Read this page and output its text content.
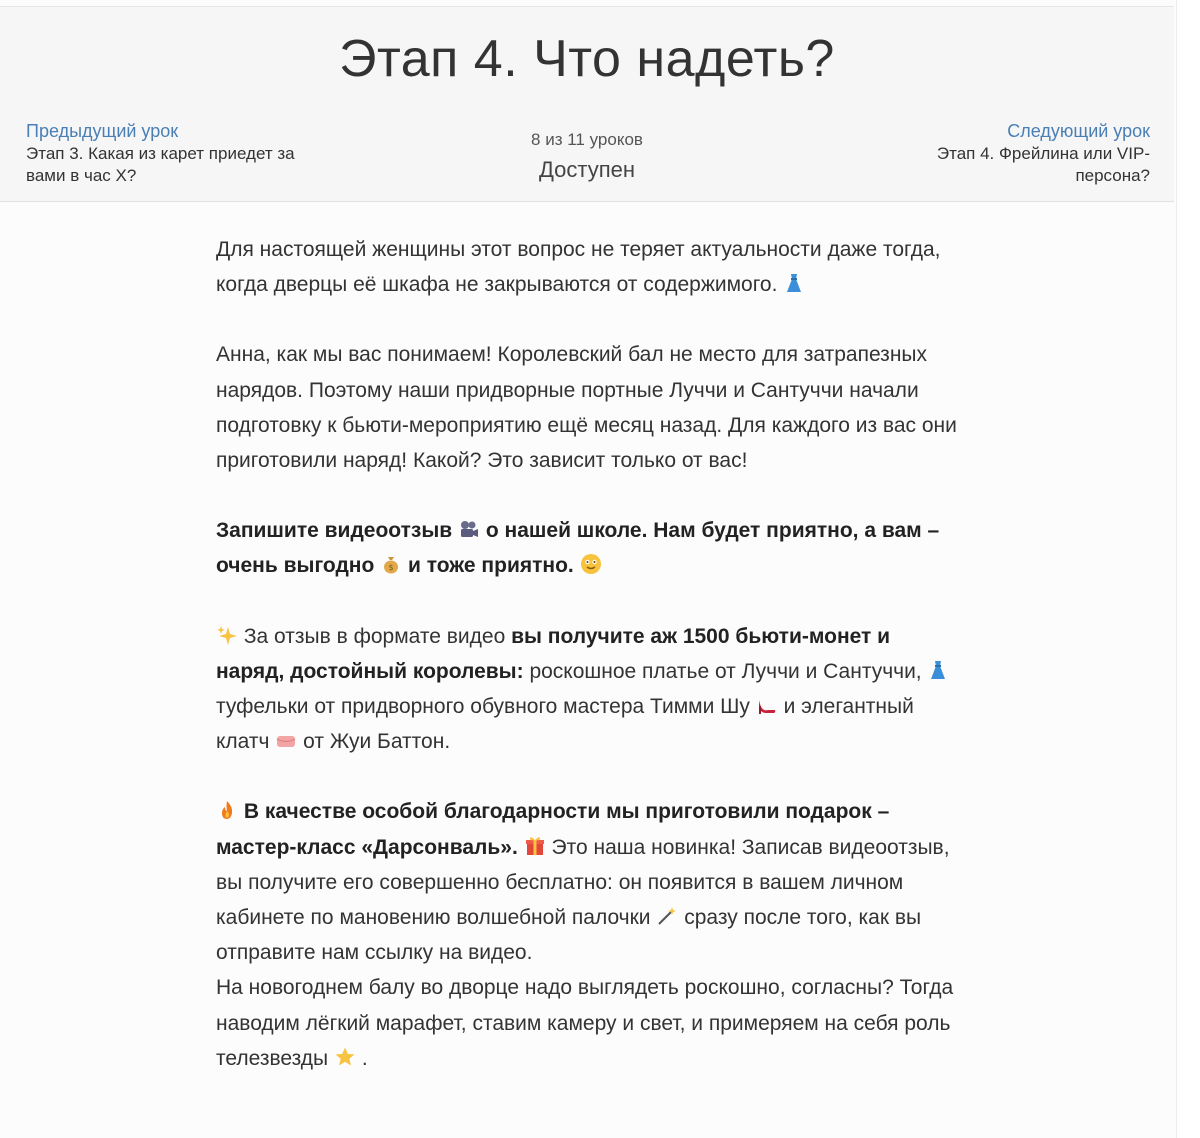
Этап 4. Что надеть?
Предыдущий урок
Этап 3. Какая из карет приедет за вами в час Х?
8 из 11 уроков
Доступен
Следующий урок
Этап 4. Фрейлина или VIP-персона?

Для настоящей женщины этот вопрос не теряет актуальности даже тогда, когда дверцы её шкафа не закрываются от содержимого.

Анна, как мы вас понимаем! Королевский бал не место для затрапезных нарядов. Поэтому наши придворные портные Луччи и Сантуччи начали подготовку к бьюти-мероприятию ещё месяц назад. Для каждого из вас они приготовили наряд! Какой? Это зависит только от вас!

Запишите видеоотзыв о нашей школе. Нам будет приятно, а вам – очень выгодно $ и тоже приятно.

За отзыв в формате видео вы получите аж 1500 бьюти-монет и наряд, достойный королевы: роскошное платье от Луччи и Сантуччи,  туфельки от придворного обувного мастера Тимми Шу и элегантный клатч от Жуи Баттон.

В качестве особой благодарности мы приготовили подарок – мастер-класс «Дарсонваль». Это наша новинка! Записав видеоотзыв, вы получите его совершенно бесплатно: он появится в вашем личном кабинете по мановению волшебной палочки сразу после того, как вы отправите нам ссылку на видео.

На новогоднем балу во дворце надо выглядеть роскошно, согласны? Тогда наводим лёгкий марафет, ставим камеру и свет, и примеряем на себя роль телезвезды .
